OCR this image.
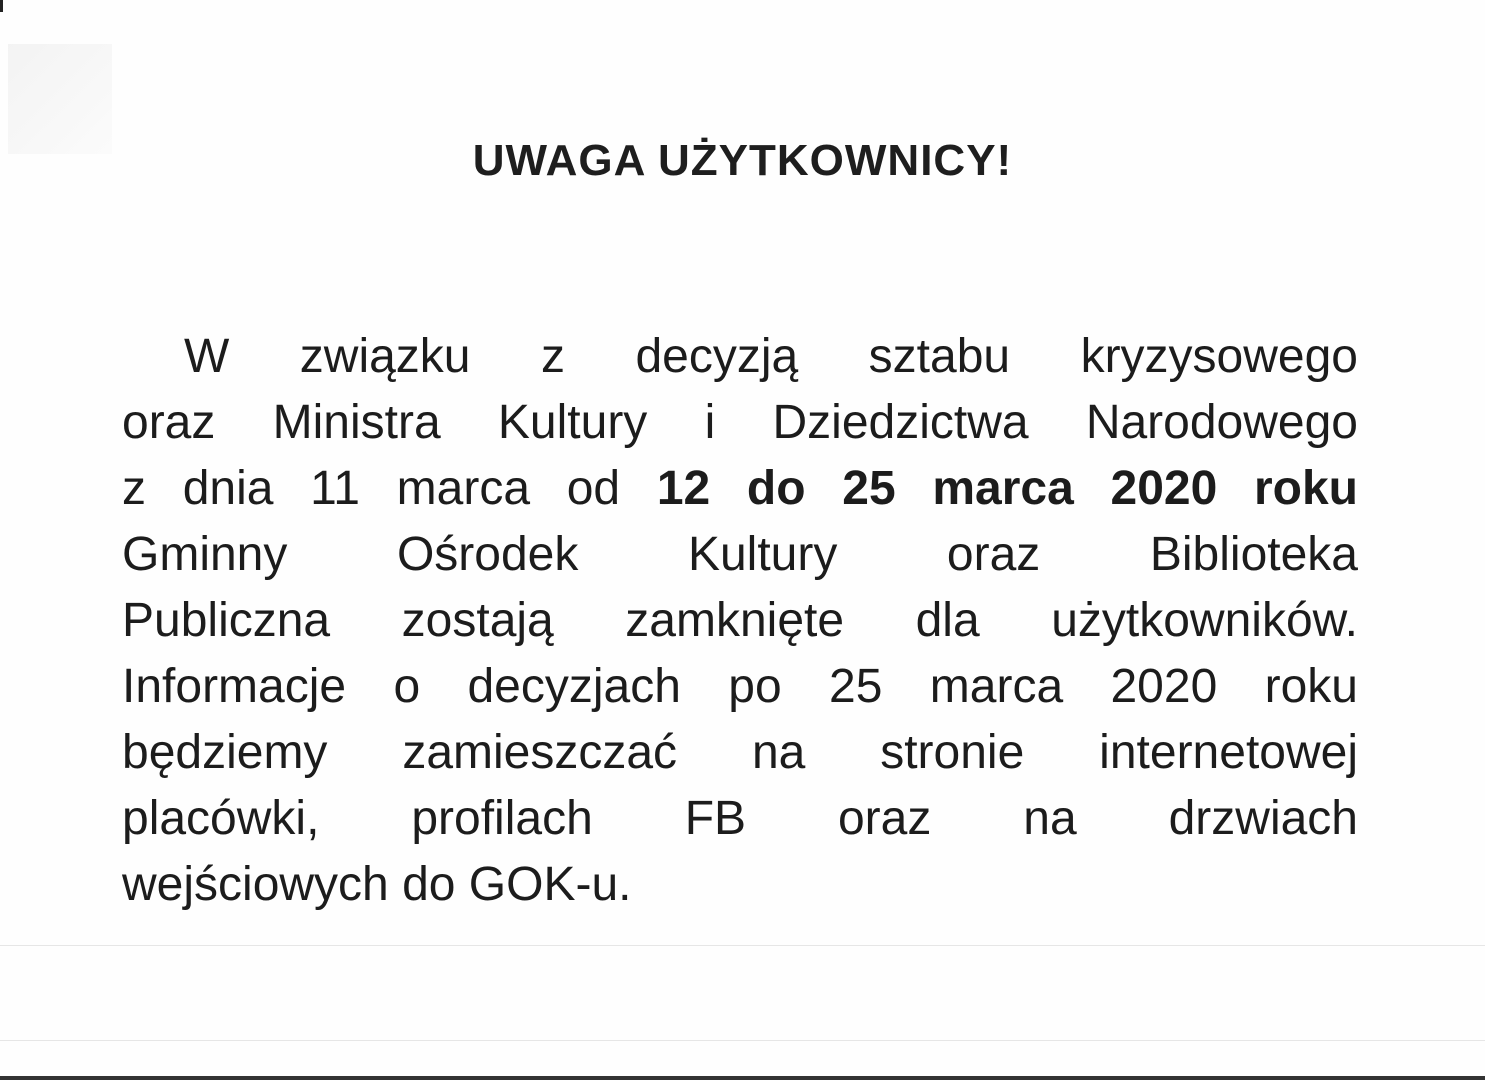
UWAGA UŻYTKOWNICY!
W związku z decyzją sztabu kryzysowego
oraz Ministra Kultury i Dziedzictwa Narodowego
z dnia 11 marca od 12 do 25 marca 2020 roku
Gminny Ośrodek Kultury oraz Biblioteka
Publiczna zostają zamknięte dla użytkowników.
Informacje o decyzjach po 25 marca 2020 roku
będziemy zamieszczać na stronie internetowej
placówki, profilach FB oraz na drzwiach
wejściowych do GOK-u.
